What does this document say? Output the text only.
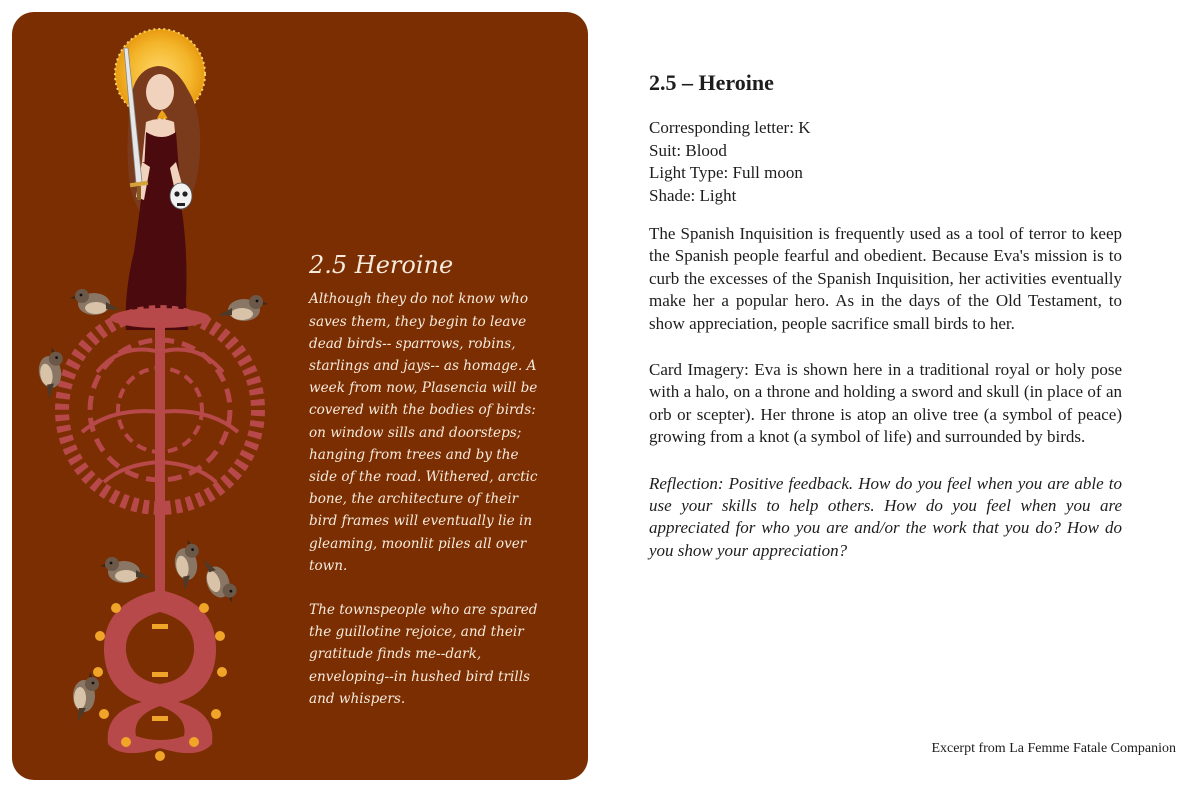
2.5 Heroine

Although they do not know who saves them, they begin to leave dead birds-- sparrows, robins, starlings and jays-- as homage. A week from now, Plasencia will be covered with the bodies of birds: on window sills and doorsteps; hanging from trees and by the side of the road. Withered, arctic bone, the architecture of their bird frames will eventually lie in gleaming, moonlit piles all over town.

The townspeople who are spared the guillotine rejoice, and their gratitude finds me--dark, enveloping--in hushed bird trills and whispers.

2.5 – Heroine
Corresponding letter: K
Suit: Blood
Light Type: Full moon
Shade: Light

The Spanish Inquisition is frequently used as a tool of terror to keep the Spanish people fearful and obedient. Because Eva's mission is to curb the excesses of the Spanish Inquisition, her activities eventually make her a popular hero. As in the days of the Old Testament, to show appreciation, people sacrifice small birds to her.

Card Imagery: Eva is shown here in a traditional royal or holy pose with a halo, on a throne and holding a sword and skull (in place of an orb or scepter). Her throne is atop an olive tree (a symbol of peace) growing from a knot (a symbol of life) and surrounded by birds.

Reflection: Positive feedback. How do you feel when you are able to use your skills to help others. How do you feel when you are appreciated for who you are and/or the work that you do? How do you show your appreciation?

Excerpt from La Femme Fatale Companion
